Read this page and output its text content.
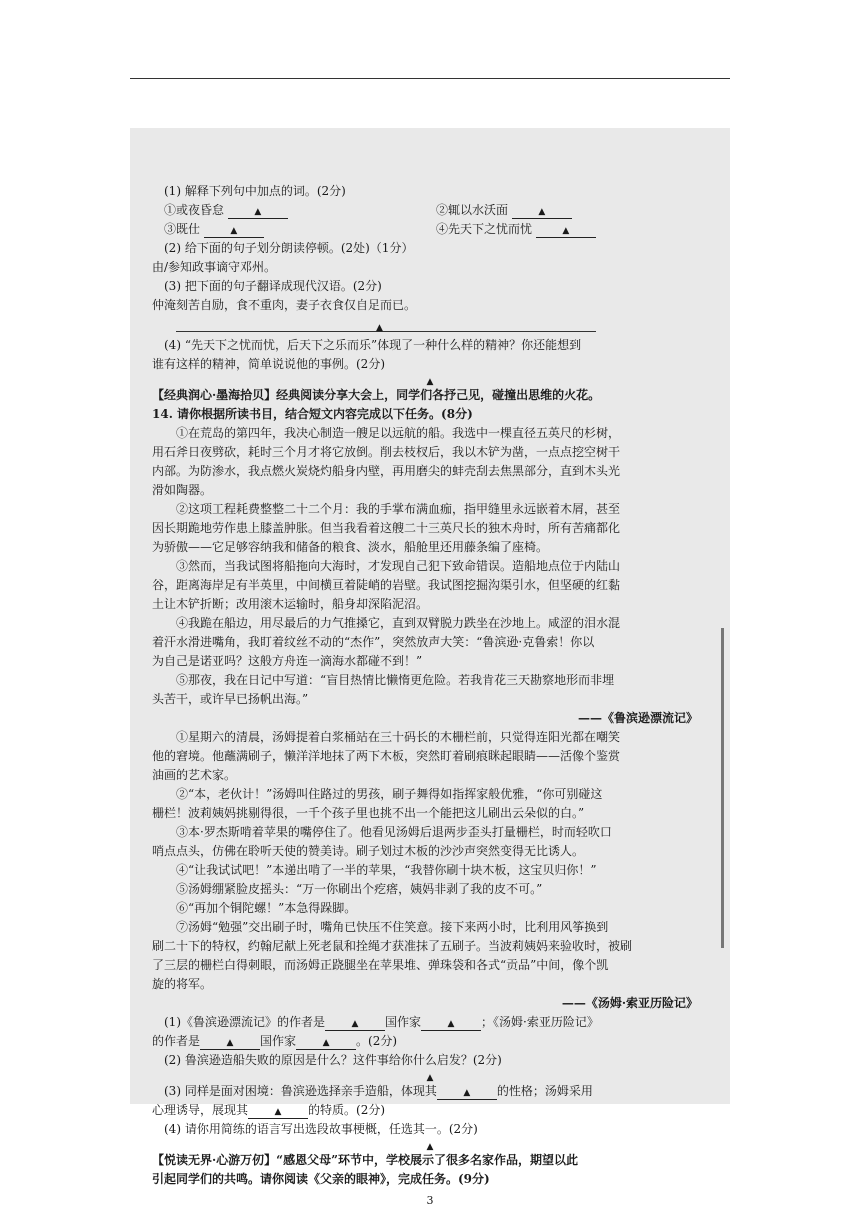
(1) 解释下列句中加点的词。(2分)
①或夜昏怠	▲	②辄以水沃面	▲
③既仕	▲	④先天下之忧而忧	▲
(2) 给下面的句子划分朗读停顿。(2处)（1分）
由/参知政事谪守邓州。
(3) 把下面的句子翻译成现代汉语。(2分)
仲淹刻苦自励，食不重肉，妻子衣食仅自足而已。
▲
(4) “先天下之忧而忧，后天下之乐而乐”体现了一种什么样的精神？你还能想到
谁有这样的精神，简单说说他的事例。(2分)
▲
【经典润心·墨海拾贝】经典阅读分享大会上，同学们各抒己见，碰撞出思维的火花。
14. 请你根据所读书目，结合短文内容完成以下任务。(8分)
①在荒岛的第四年，我决心制造一艘足以远航的船。我选中一棵直径五英尺的杉树，
用石斧日夜劈砍，耗时三个月才将它放倒。削去枝杈后，我以木铲为凿，一点点挖空树干
内部。为防渗水，我点燃火炭烧灼船身内壁，再用磨尖的蚌壳刮去焦黑部分，直到木头光
滑如陶器。
②这项工程耗费整整二十二个月：我的手掌布满血痂，指甲缝里永远嵌着木屑，甚至
因长期跪地劳作患上膝盖肿胀。但当我看着这艘二十三英尺长的独木舟时，所有苦痛都化
为骄傲——它足够容纳我和储备的粮食、淡水，船舱里还用藤条编了座椅。
③然而，当我试图将船拖向大海时，才发现自己犯下致命错误。造船地点位于内陆山
谷，距离海岸足有半英里，中间横亘着陡峭的岩壁。我试图挖掘沟渠引水，但坚硬的红黏
土让木铲折断；改用滚木运输时，船身却深陷泥沼。
④我跪在船边，用尽最后的力气推搡它，直到双臂脱力跌坐在沙地上。咸涩的泪水混
着汗水滑进嘴角，我盯着纹丝不动的“杰作”，突然放声大笑：“鲁滨逊·克鲁索！你以
为自己是诺亚吗？这般方舟连一滴海水都碰不到！”
⑤那夜，我在日记中写道：“盲目热情比懒惰更危险。若我肯花三天勘察地形而非埋
头苦干，或许早已扬帆出海。”
——《鲁滨逊漂流记》
①星期六的清晨，汤姆提着白浆桶站在三十码长的木栅栏前，只觉得连阳光都在嘲笑
他的窘境。他蘸满刷子，懒洋洋地抹了两下木板，突然盯着刷痕眯起眼睛——活像个鉴赏
油画的艺术家。
②“本，老伙计！”汤姆叫住路过的男孩，刷子舞得如指挥家般优雅，“你可别碰这
栅栏！波莉姨妈挑剔得很，一千个孩子里也挑不出一个能把这儿刷出云朵似的白。”
③本·罗杰斯啃着苹果的嘴停住了。他看见汤姆后退两步歪头打量栅栏，时而轻吹口
哨点点头，仿佛在聆听天使的赞美诗。刷子划过木板的沙沙声突然变得无比诱人。
④“让我试试吧！”本递出啃了一半的苹果，“我替你刷十块木板，这宝贝归你！”
⑤汤姆绷紧脸皮摇头：“万一你刷出个疙瘩，姨妈非剥了我的皮不可。”
⑥“再加个铜陀螺！”本急得跺脚。
⑦汤姆“勉强”交出刷子时，嘴角已快压不住笑意。接下来两小时，比利用风筝换到
刷二十下的特权，约翰尼献上死老鼠和拴绳才获准抹了五刷子。当波莉姨妈来验收时，被刷
了三层的栅栏白得刺眼，而汤姆正跷腿坐在苹果堆、弹珠袋和各式“贡品”中间，像个凯
旋的将军。
——《汤姆·索亚历险记》
(1)《鲁滨逊漂流记》的作者是	▲ 国作家	▲ ；《汤姆·索亚历险记》
的作者是	▲ 国作家	▲ 。(2分)
(2) 鲁滨逊造船失败的原因是什么？这件事给你什么启发？(2分)
▲
(3) 同样是面对困境：鲁滨逊选择亲手造船，体现其	▲ 的性格；汤姆采用
心理诱导，展现其	▲ 的特质。(2分)
(4) 请你用简练的语言写出选段故事梗概，任选其一。(2分)
▲
【悦读无界·心游万仞】“感恩父母”环节中，学校展示了很多名家作品，期望以此
引起同学们的共鸣。请你阅读《父亲的眼神》，完成任务。(9分)
3
